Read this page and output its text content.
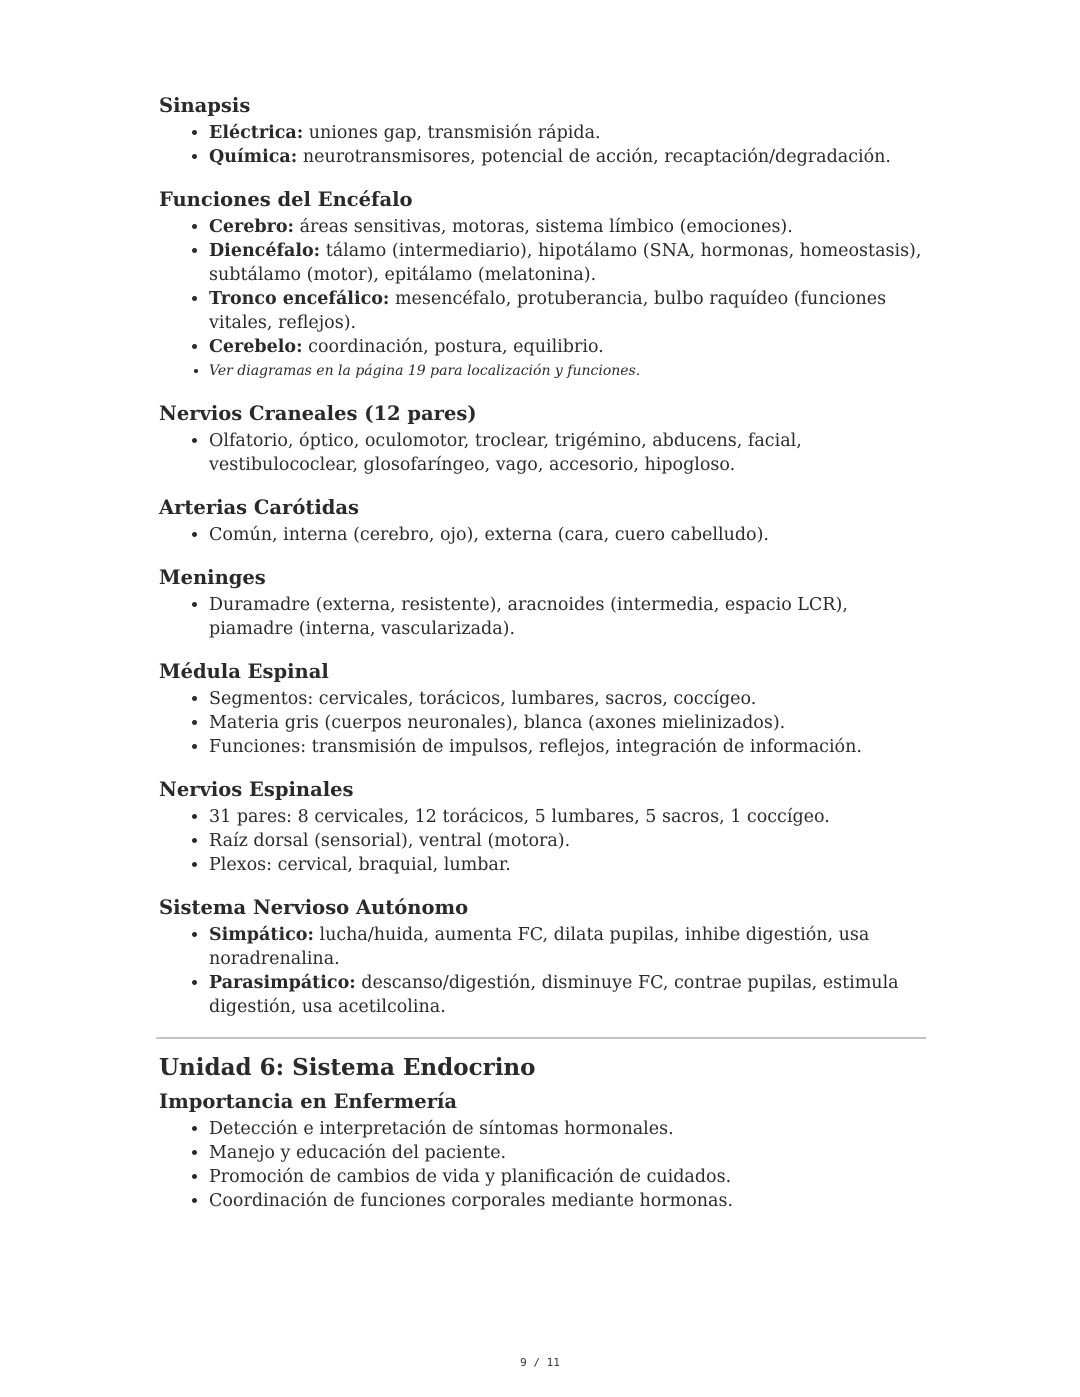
Sinapsis
• Eléctrica: uniones gap, transmisión rápida.
• Química: neurotransmisores, potencial de acción, recaptación/degradación.
Funciones del Encéfalo
• Cerebro: áreas sensitivas, motoras, sistema límbico (emociones).
• Diencéfalo: tálamo (intermediario), hipotálamo (SNA, hormonas, homeostasis), subtálamo (motor), epitálamo (melatonina).
• Tronco encefálico: mesencéfalo, protuberancia, bulbo raquídeo (funciones vitales, reflejos).
• Cerebelo: coordinación, postura, equilibrio.
• Ver diagramas en la página 19 para localización y funciones.
Nervios Craneales (12 pares)
• Olfatorio, óptico, oculomotor, troclear, trigémino, abducens, facial, vestibulococlear, glosofaríngeo, vago, accesorio, hipogloso.
Arterias Carótidas
• Común, interna (cerebro, ojo), externa (cara, cuero cabelludo).
Meninges
• Duramadre (externa, resistente), aracnoides (intermedia, espacio LCR), piamadre (interna, vascularizada).
Médula Espinal
• Segmentos: cervicales, torácicos, lumbares, sacros, coccígeo.
• Materia gris (cuerpos neuronales), blanca (axones mielinizados).
• Funciones: transmisión de impulsos, reflejos, integración de información.
Nervios Espinales
• 31 pares: 8 cervicales, 12 torácicos, 5 lumbares, 5 sacros, 1 coccígeo.
• Raíz dorsal (sensorial), ventral (motora).
• Plexos: cervical, braquial, lumbar.
Sistema Nervioso Autónomo
• Simpático: lucha/huida, aumenta FC, dilata pupilas, inhibe digestión, usa noradrenalina.
• Parasimpático: descanso/digestión, disminuye FC, contrae pupilas, estimula digestión, usa acetilcolina.
Unidad 6: Sistema Endocrino
Importancia en Enfermería
• Detección e interpretación de síntomas hormonales.
• Manejo y educación del paciente.
• Promoción de cambios de vida y planificación de cuidados.
• Coordinación de funciones corporales mediante hormonas.
9 / 11
